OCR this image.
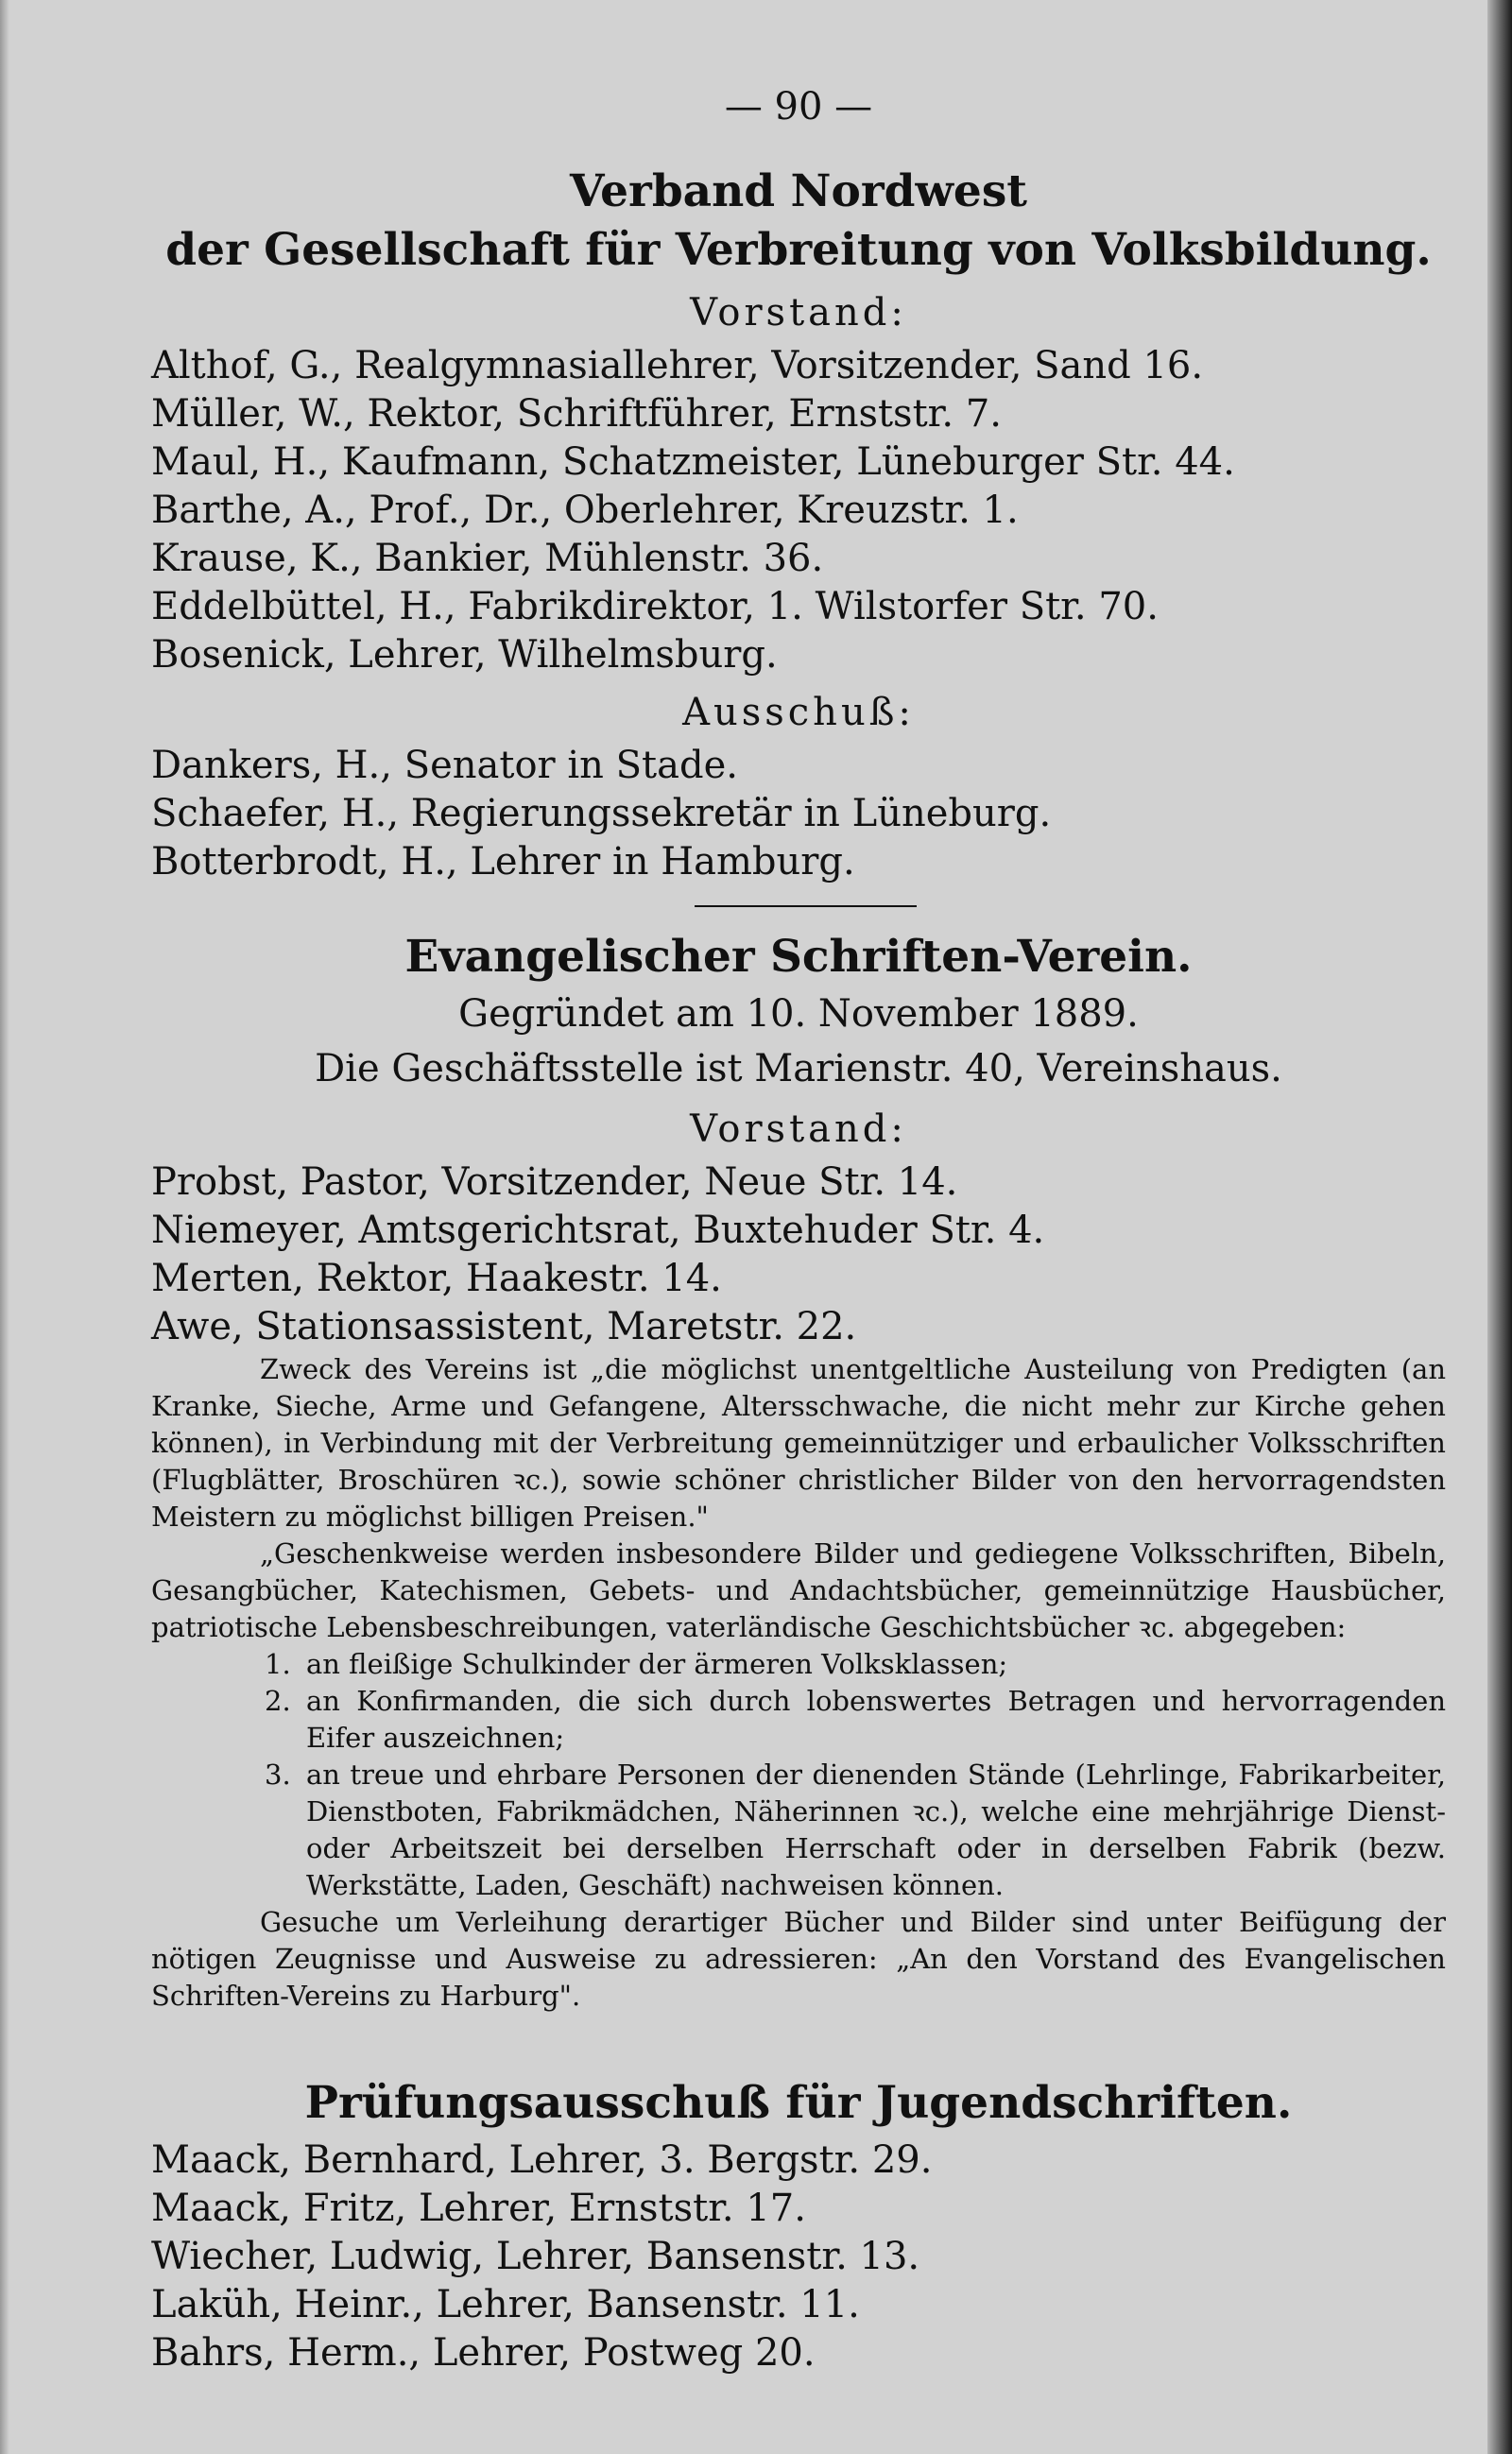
— 90 —
Verband Nordwest
der Gesellschaft für Verbreitung von Volksbildung.
Vorstand:
Althof, G., Realgymnasiallehrer, Vorsitzender, Sand 16.
Müller, W., Rektor, Schriftführer, Ernststr. 7.
Maul, H., Kaufmann, Schatzmeister, Lüneburger Str. 44.
Barthe, A., Prof., Dr., Oberlehrer, Kreuzstr. 1.
Krause, K., Bankier, Mühlenstr. 36.
Eddelbüttel, H., Fabrikdirektor, 1. Wilstorfer Str. 70.
Bosenick, Lehrer, Wilhelmsburg.
Ausschuß:
Dankers, H., Senator in Stade.
Schaefer, H., Regierungssekretär in Lüneburg.
Botterbrodt, H., Lehrer in Hamburg.
Evangelischer Schriften-Verein.
Gegründet am 10. November 1889.
Die Geschäftsstelle ist Marienstr. 40, Vereinshaus.
Vorstand:
Probst, Pastor, Vorsitzender, Neue Str. 14.
Niemeyer, Amtsgerichtsrat, Buxtehuder Str. 4.
Merten, Rektor, Haakestr. 14.
Awe, Stationsassistent, Maretstr. 22.

Zweck des Vereins ist „die möglichst unentgeltliche Austeilung von Predigten (an Kranke, Sieche, Arme und Gefangene, Altersschwache, die nicht mehr zur Kirche gehen können), in Verbindung mit der Verbreitung gemeinnütziger und erbaulicher Volksschriften (Flugblätter, Broschüren ꝛc.), sowie schöner christlicher Bilder von den hervorragendsten Meistern zu möglichst billigen Preisen."

„Geschenkweise werden insbesondere Bilder und gediegene Volksschriften, Bibeln, Gesangbücher, Katechismen, Gebets- und Andachtsbücher, gemeinnützige Hausbücher, patriotische Lebensbeschreibungen, vaterländische Geschichtsbücher ꝛc. abgegeben:

1. an fleißige Schulkinder der ärmeren Volksklassen;
2. an Konfirmanden, die sich durch lobenswertes Betragen und hervorragenden Eifer auszeichnen;
3. an treue und ehrbare Personen der dienenden Stände (Lehrlinge, Fabrikarbeiter, Dienstboten, Fabrikmädchen, Näherinnen ꝛc.), welche eine mehrjährige Dienst- oder Arbeitszeit bei derselben Herrschaft oder in derselben Fabrik (bezw. Werkstätte, Laden, Geschäft) nachweisen können.

Gesuche um Verleihung derartiger Bücher und Bilder sind unter Beifügung der nötigen Zeugnisse und Ausweise zu adressieren: „An den Vorstand des Evangelischen Schriften-Vereins zu Harburg".

Prüfungsausschuß für Jugendschriften.
Maack, Bernhard, Lehrer, 3. Bergstr. 29.
Maack, Fritz, Lehrer, Ernststr. 17.
Wiecher, Ludwig, Lehrer, Bansenstr. 13.
Laküh, Heinr., Lehrer, Bansenstr. 11.
Bahrs, Herm., Lehrer, Postweg 20.
